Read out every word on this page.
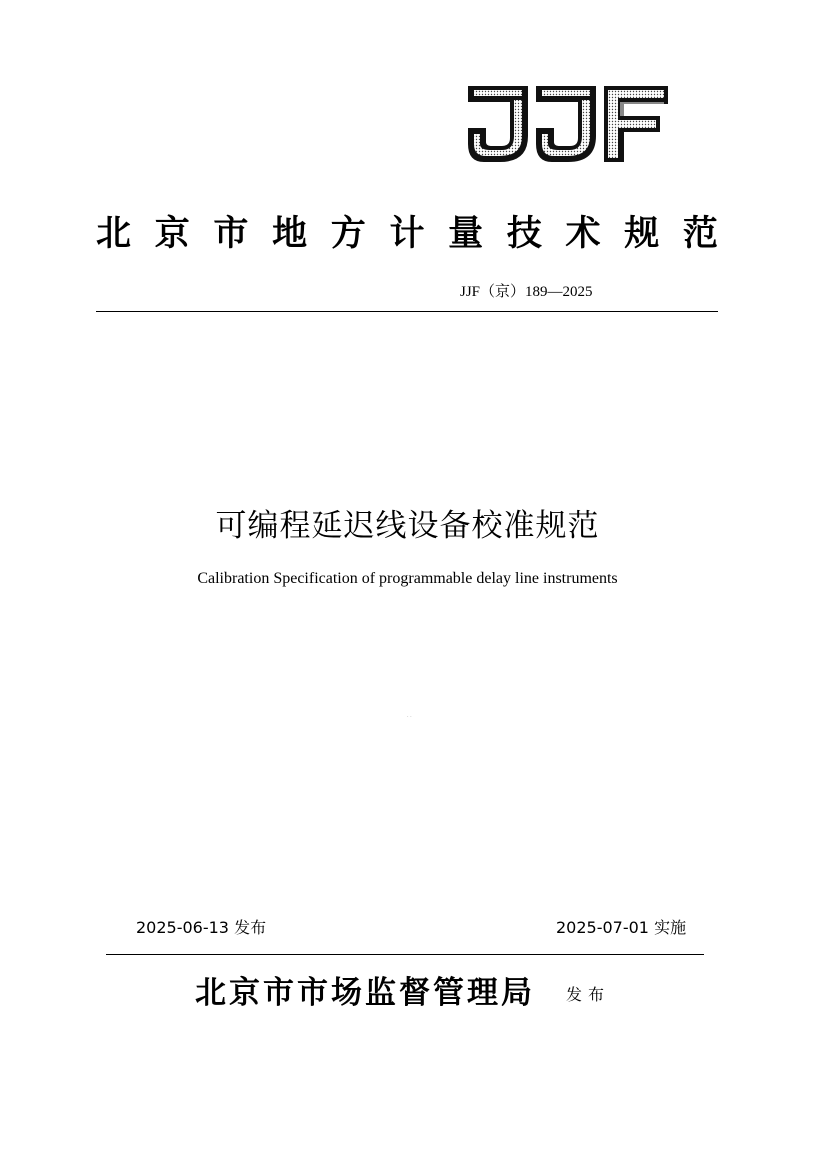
北 京 市 地 方 计 量 技 术 规 范
JJF（京）189—2025
可编程延迟线设备校准规范
Calibration Specification of programmable delay line instruments
· ·
2025-06-13 发布	2025-07-01 实施
北京市市场监督管理局 发布
